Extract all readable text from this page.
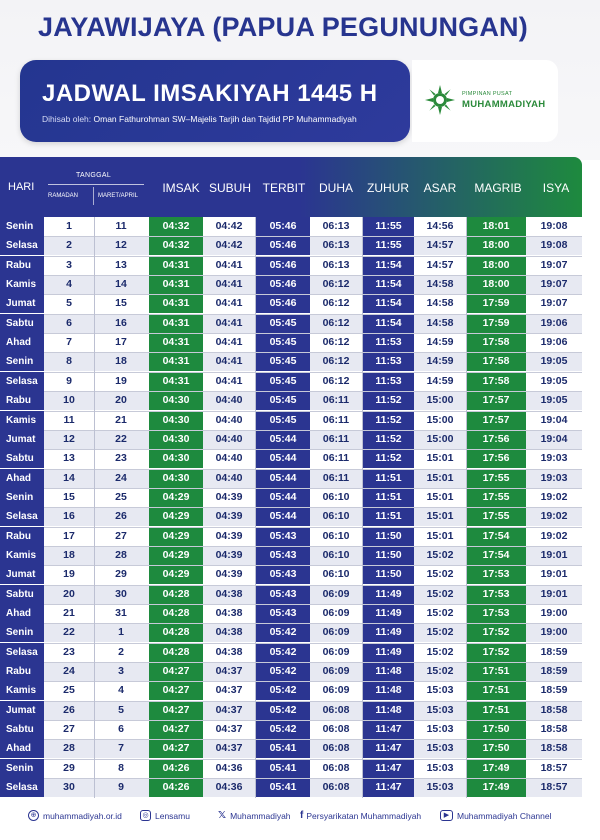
JAYAWIJAYA (PAPUA PEGUNUNGAN)
JADWAL IMSAKIYAH 1445 H
Dihisab oleh: Oman Fathurohman SW–Majelis Tarjih dan Tajdid PP Muhammadiyah
PIMPINAN PUSAT
MUHAMMADIYAH
HARI
TANGGAL
RAMADAN	MARET/APRIL
IMSAK SUBUH TERBIT	DUHA	ZUHUR	ASAR	MAGRIB	ISYA
Senin	1	11	04:32	04:42	05:46	06:13	11:55	14:56	18:01	19:08
Selasa	2	12	04:32	04:42	05:46	06:13	11:55	14:57	18:00	19:08
Rabu	3	13	04:31	04:41	05:46	06:13	11:54	14:57	18:00	19:07
Kamis	4	14	04:31	04:41	05:46	06:12	11:54	14:58	18:00	19:07
Jumat	5	15	04:31	04:41	05:46	06:12	11:54	14:58	17:59	19:07
Sabtu	6	16	04:31	04:41	05:45	06:12	11:54	14:58	17:59	19:06
Ahad	7	17	04:31	04:41	05:45	06:12	11:53	14:59	17:58	19:06
Senin	8	18	04:31	04:41	05:45	06:12	11:53	14:59	17:58	19:05
Selasa	9	19	04:31	04:41	05:45	06:12	11:53	14:59	17:58	19:05
Rabu	10	20	04:30	04:40	05:45	06:11	11:52	15:00	17:57	19:05
Kamis	11	21	04:30	04:40	05:45	06:11	11:52	15:00	17:57	19:04
Jumat	12	22	04:30	04:40	05:44	06:11	11:52	15:00	17:56	19:04
Sabtu	13	23	04:30	04:40	05:44	06:11	11:52	15:01	17:56	19:03
Ahad	14	24	04:30	04:40	05:44	06:11	11:51	15:01	17:55	19:03
Senin	15	25	04:29	04:39	05:44	06:10	11:51	15:01	17:55	19:02
Selasa	16	26	04:29	04:39	05:44	06:10	11:51	15:01	17:55	19:02
Rabu	17	27	04:29	04:39	05:43	06:10	11:50	15:01	17:54	19:02
Kamis	18	28	04:29	04:39	05:43	06:10	11:50	15:02	17:54	19:01
Jumat	19	29	04:29	04:39	05:43	06:10	11:50	15:02	17:53	19:01
Sabtu	20	30	04:28	04:38	05:43	06:09	11:49	15:02	17:53	19:01
Ahad	21	31	04:28	04:38	05:43	06:09	11:49	15:02	17:53	19:00
Senin	22	1	04:28	04:38	05:42	06:09	11:49	15:02	17:52	19:00
Selasa	23	2	04:28	04:38	05:42	06:09	11:49	15:02	17:52	18:59
Rabu	24	3	04:27	04:37	05:42	06:09	11:48	15:02	17:51	18:59
Kamis	25	4	04:27	04:37	05:42	06:09	11:48	15:03	17:51	18:59
Jumat	26	5	04:27	04:37	05:42	06:08	11:48	15:03	17:51	18:58
Sabtu	27	6	04:27	04:37	05:42	06:08	11:47	15:03	17:50	18:58
Ahad	28	7	04:27	04:37	05:41	06:08	11:47	15:03	17:50	18:58
Senin	29	8	04:26	04:36	05:41	06:08	11:47	15:03	17:49	18:57
Selasa	30	9	04:26	04:36	05:41	06:08	11:47	15:03	17:49	18:57
⊕ muhammadiyah.or.id	◎ Lensamu	𝕏 Muhammadiyah f Persyarikatan Muhammadiyah	▶ Muhammadiyah Channel
